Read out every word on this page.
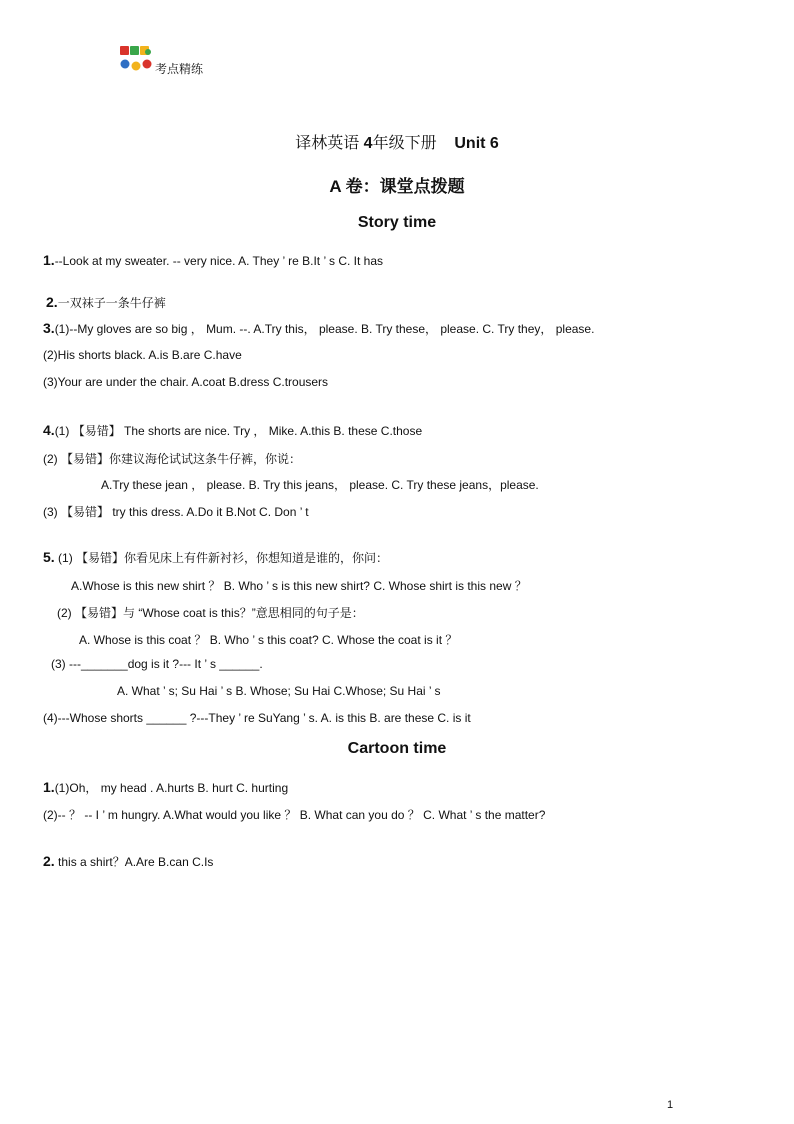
考点精练
译林英语 4年级下册 Unit 6
A 卷：课堂点拨题
Story time
1.--Look at my sweater. -- very nice. A. They ’ re B.It ’ s C. It has
2.一双袜子一条牛仔裤
3.(1)--My gloves are so big ， Mum. --. A.Try this， please. B. Try these， please. C. Try they， please.
(2)His shorts black. A.is B.are C.have
(3)Your are under the chair. A.coat B.dress C.trousers
4.(1) 【易错】 The shorts are nice. Try ， Mike. A.this B. these C.those
(2) 【易错】你建议海伦试试这条牛仔裤，你说：
A.Try these jean ， please. B. Try this jeans， please. C. Try these jeans，please.
(3) 【易错】 try this dress. A.Do it B.Not C. Don ’ t
5. (1) 【易错】你看见床上有件新衬衫，你想知道是谁的，你问：
A.Whose is this new shirt ？ B. Who ’ s is this new shirt? C. Whose shirt is this new ？
(2) 【易错】与 “Whose coat is this？”意思相同的句子是：
A. Whose is this coat ？ B. Who ’ s this coat? C. Whose the coat is it ？
(3) ---_______dog is it ?--- It ’ s ______.
A. What ’ s; Su Hai ’ s B. Whose; Su Hai C.Whose; Su Hai ’ s
(4)---Whose shorts ______ ?---They ’ re SuYang ’ s. A. is this B. are these C. is it
Cartoon time
1.(1)Oh， my head . A.hurts B. hurt C. hurting
(2)-- ？ -- I ’ m hungry. A.What would you like ？ B. What can you do ？ C. What ’ s the matter?
2. this a shirt？A.Are B.can C.Is
1
